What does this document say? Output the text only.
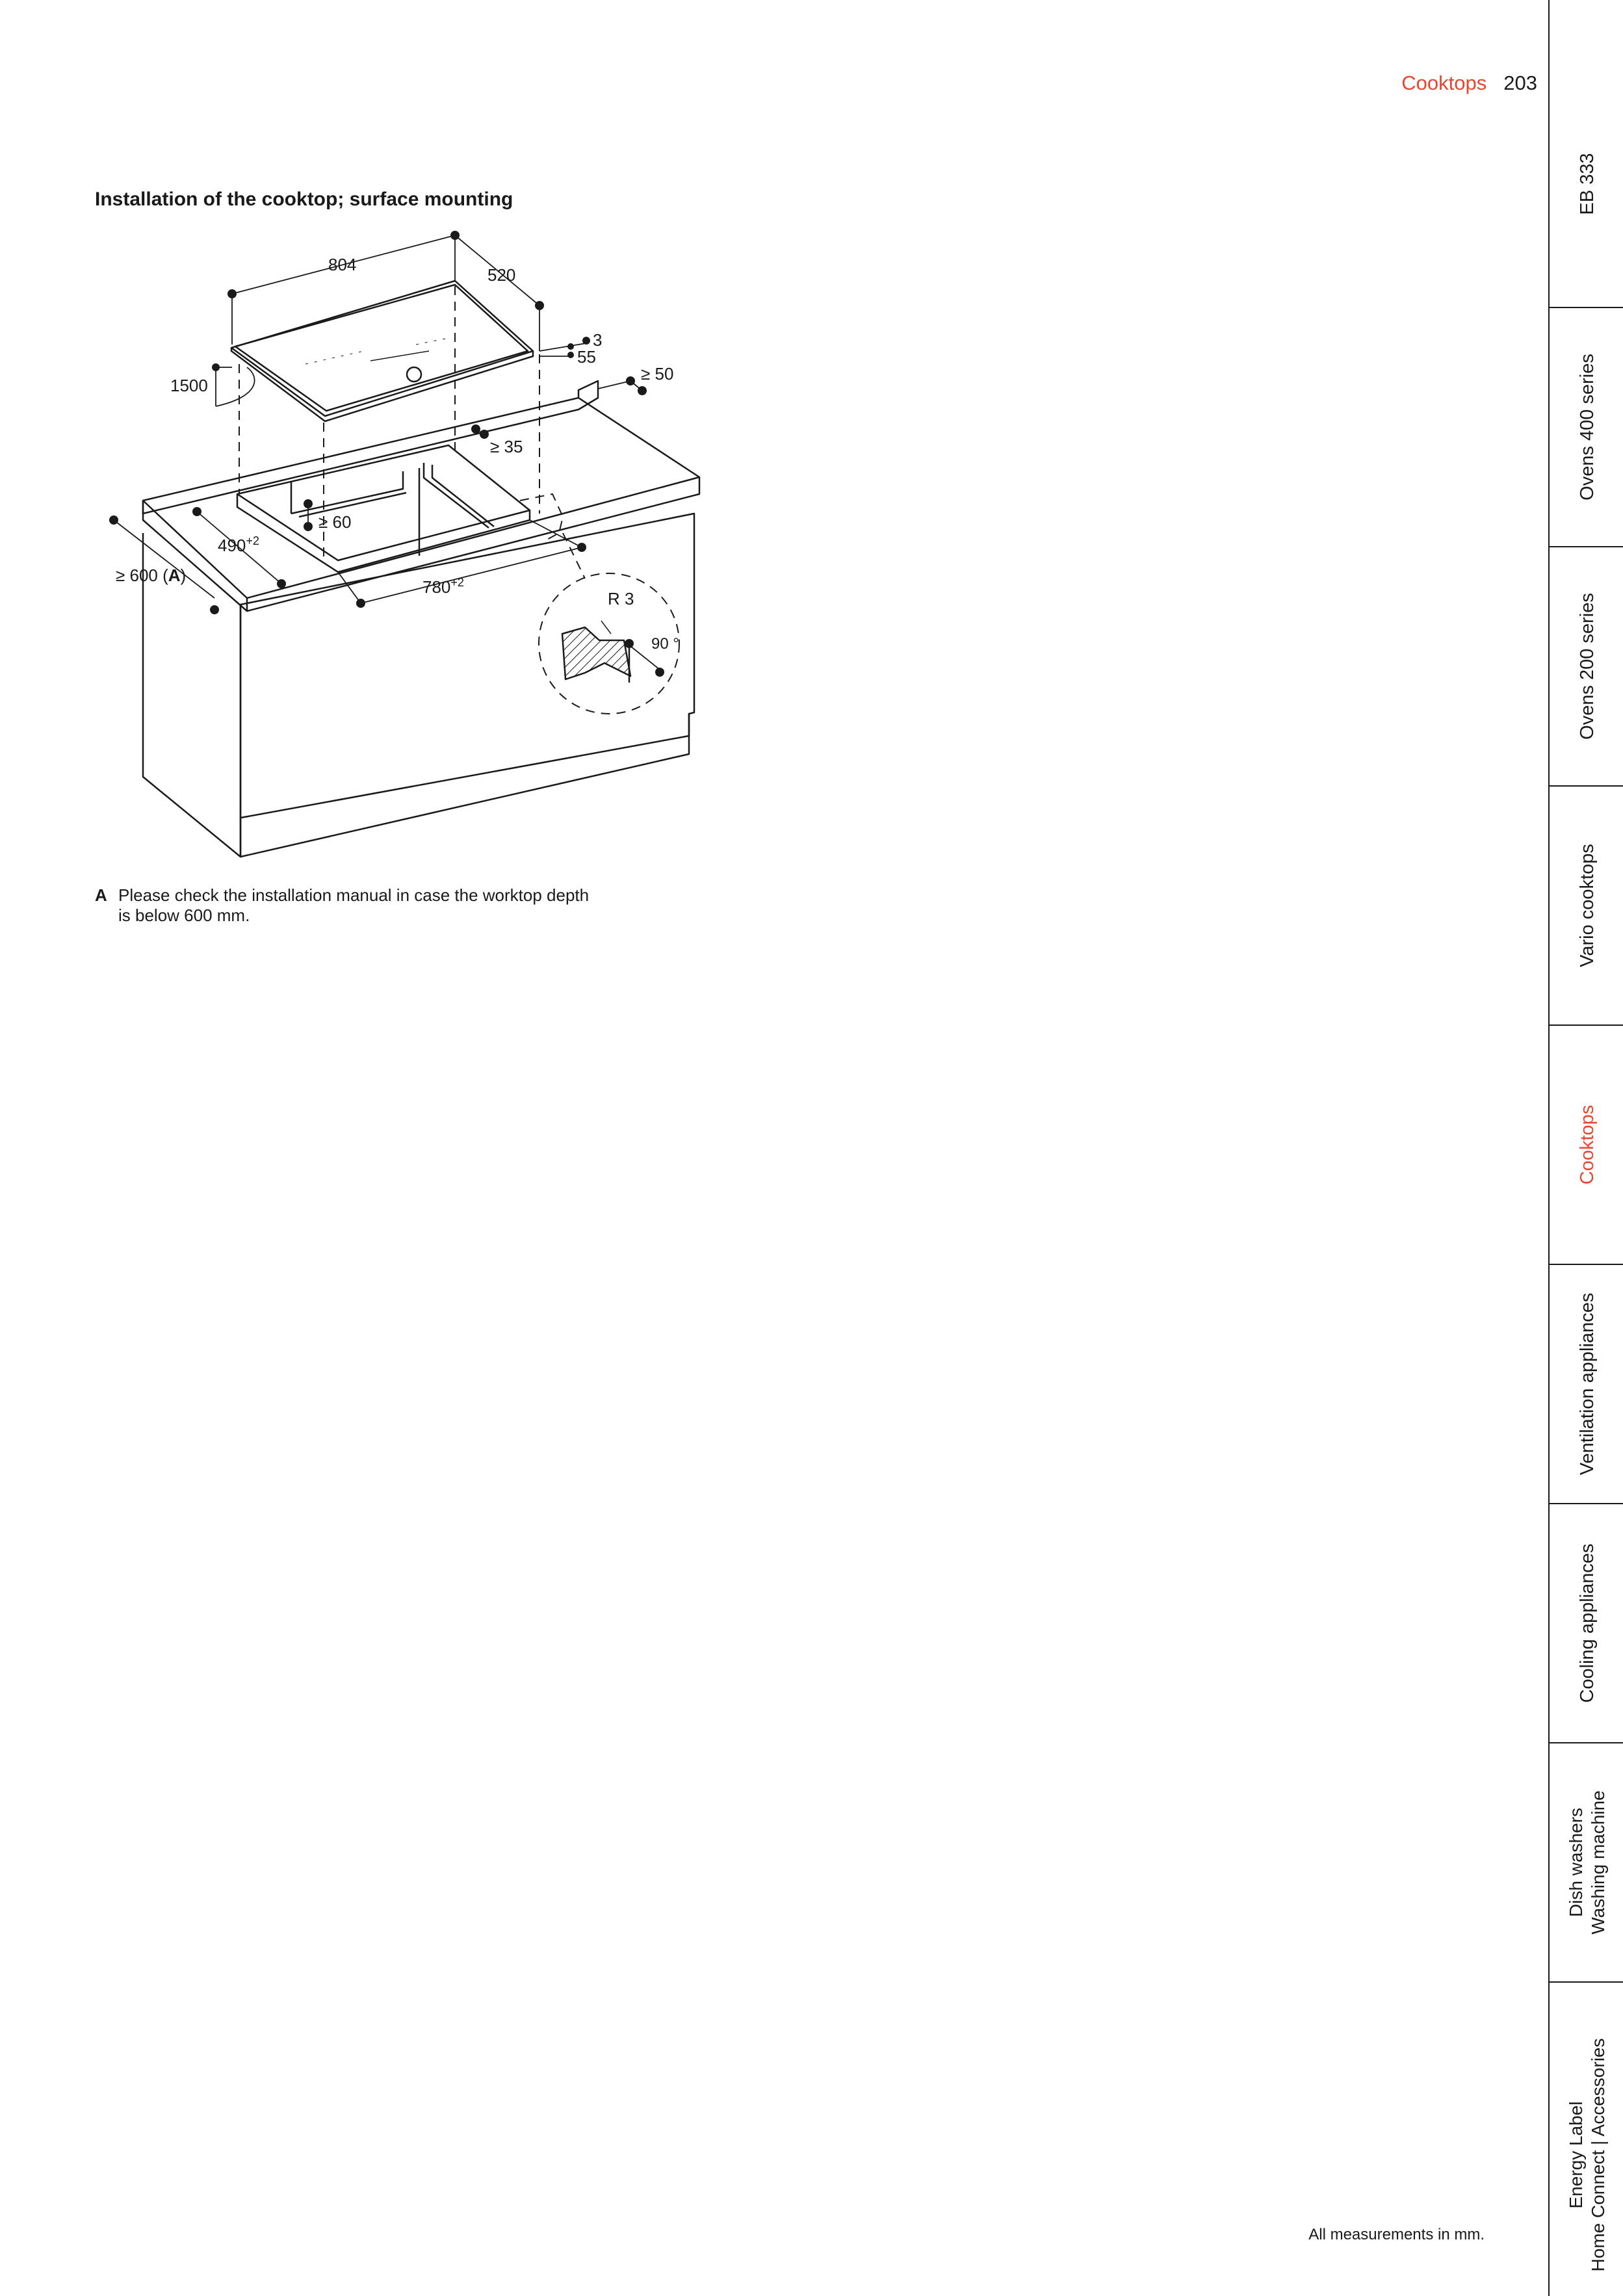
Cooktops 203
Installation of the cooktop; surface mounting
804
520
3
55
1500
≥ 50
≥ 35
≥ 60
$490^{+2}$
≥ 600 (A)
$780^{+2}$
R 3
90 °
A Please check the installation manual in case the worktop depth
is below 600 mm.
All measurements in mm.
EB 333
Ovens 400 series
Ovens 200 series
Vario cooktops
Cooktops
Ventilation appliances
Cooling appliances
Dish washers Washing machine
Energy Label Home Connect | Accessories
